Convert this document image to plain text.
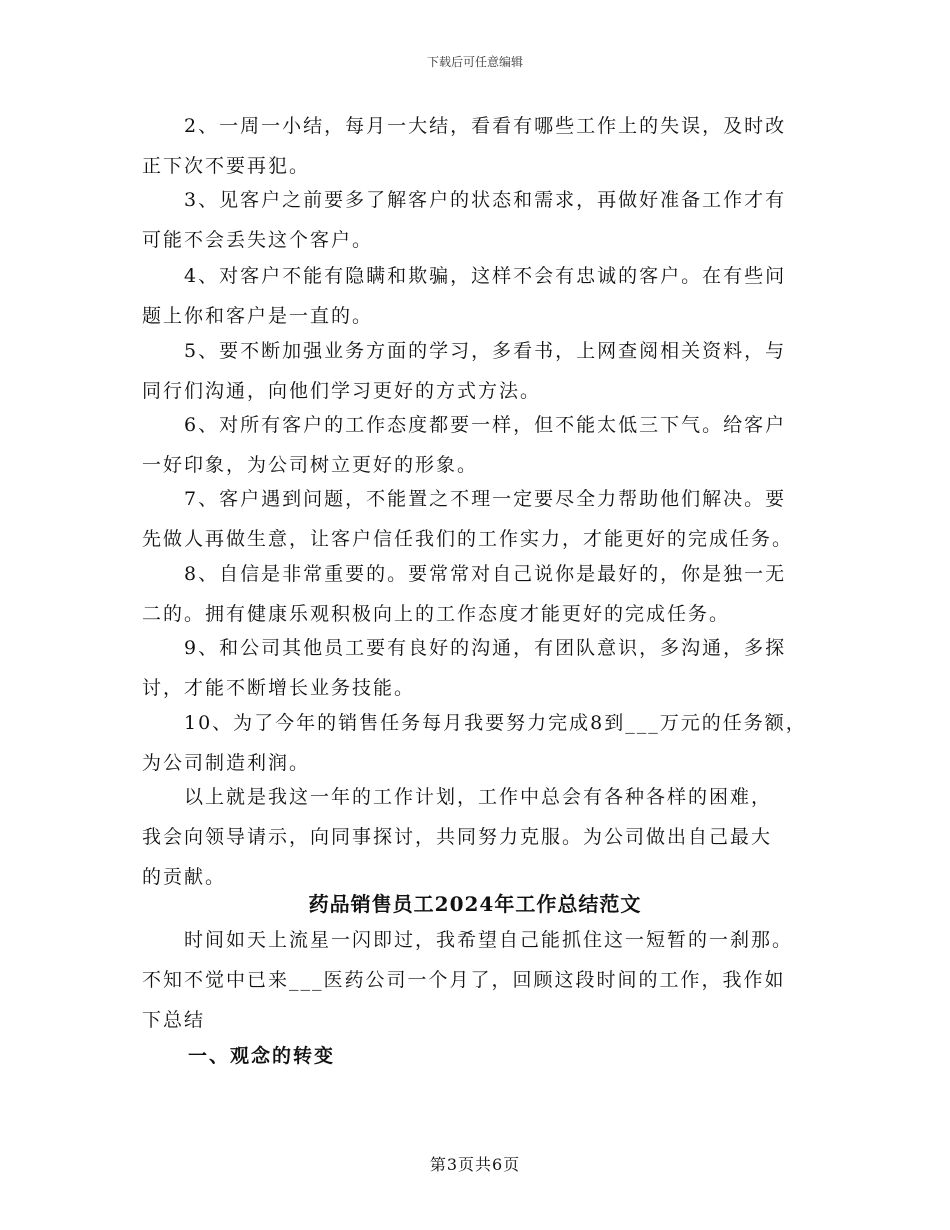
下载后可任意编辑

　　2、一周一小结，每月一大结，看看有哪些工作上的失误，及时改
正下次不要再犯。

　　3、见客户之前要多了解客户的状态和需求，再做好准备工作才有
可能不会丢失这个客户。

　　4、对客户不能有隐瞒和欺骗，这样不会有忠诚的客户。在有些问
题上你和客户是一直的。

　　5、要不断加强业务方面的学习，多看书，上网查阅相关资料，与
同行们沟通，向他们学习更好的方式方法。

　　6、对所有客户的工作态度都要一样，但不能太低三下气。给客户
一好印象，为公司树立更好的形象。

　　7、客户遇到问题，不能置之不理一定要尽全力帮助他们解决。要
先做人再做生意，让客户信任我们的工作实力，才能更好的完成任务。

　　8、自信是非常重要的。要常常对自己说你是最好的，你是独一无
二的。拥有健康乐观积极向上的工作态度才能更好的完成任务。

　　9、和公司其他员工要有良好的沟通，有团队意识，多沟通，多探
讨，才能不断增长业务技能。

　　10、为了今年的销售任务每月我要努力完成8到___万元的任务额，
为公司制造利润。

　　以上就是我这一年的工作计划，工作中总会有各种各样的困难，
我会向领导请示，向同事探讨，共同努力克服。为公司做出自己最大
的贡献。

药品销售员工2024年工作总结范文

　　时间如天上流星一闪即过，我希望自己能抓住这一短暂的一刹那。
不知不觉中已来___医药公司一个月了，回顾这段时间的工作，我作如
下总结

一、观念的转变
第3页共6页
